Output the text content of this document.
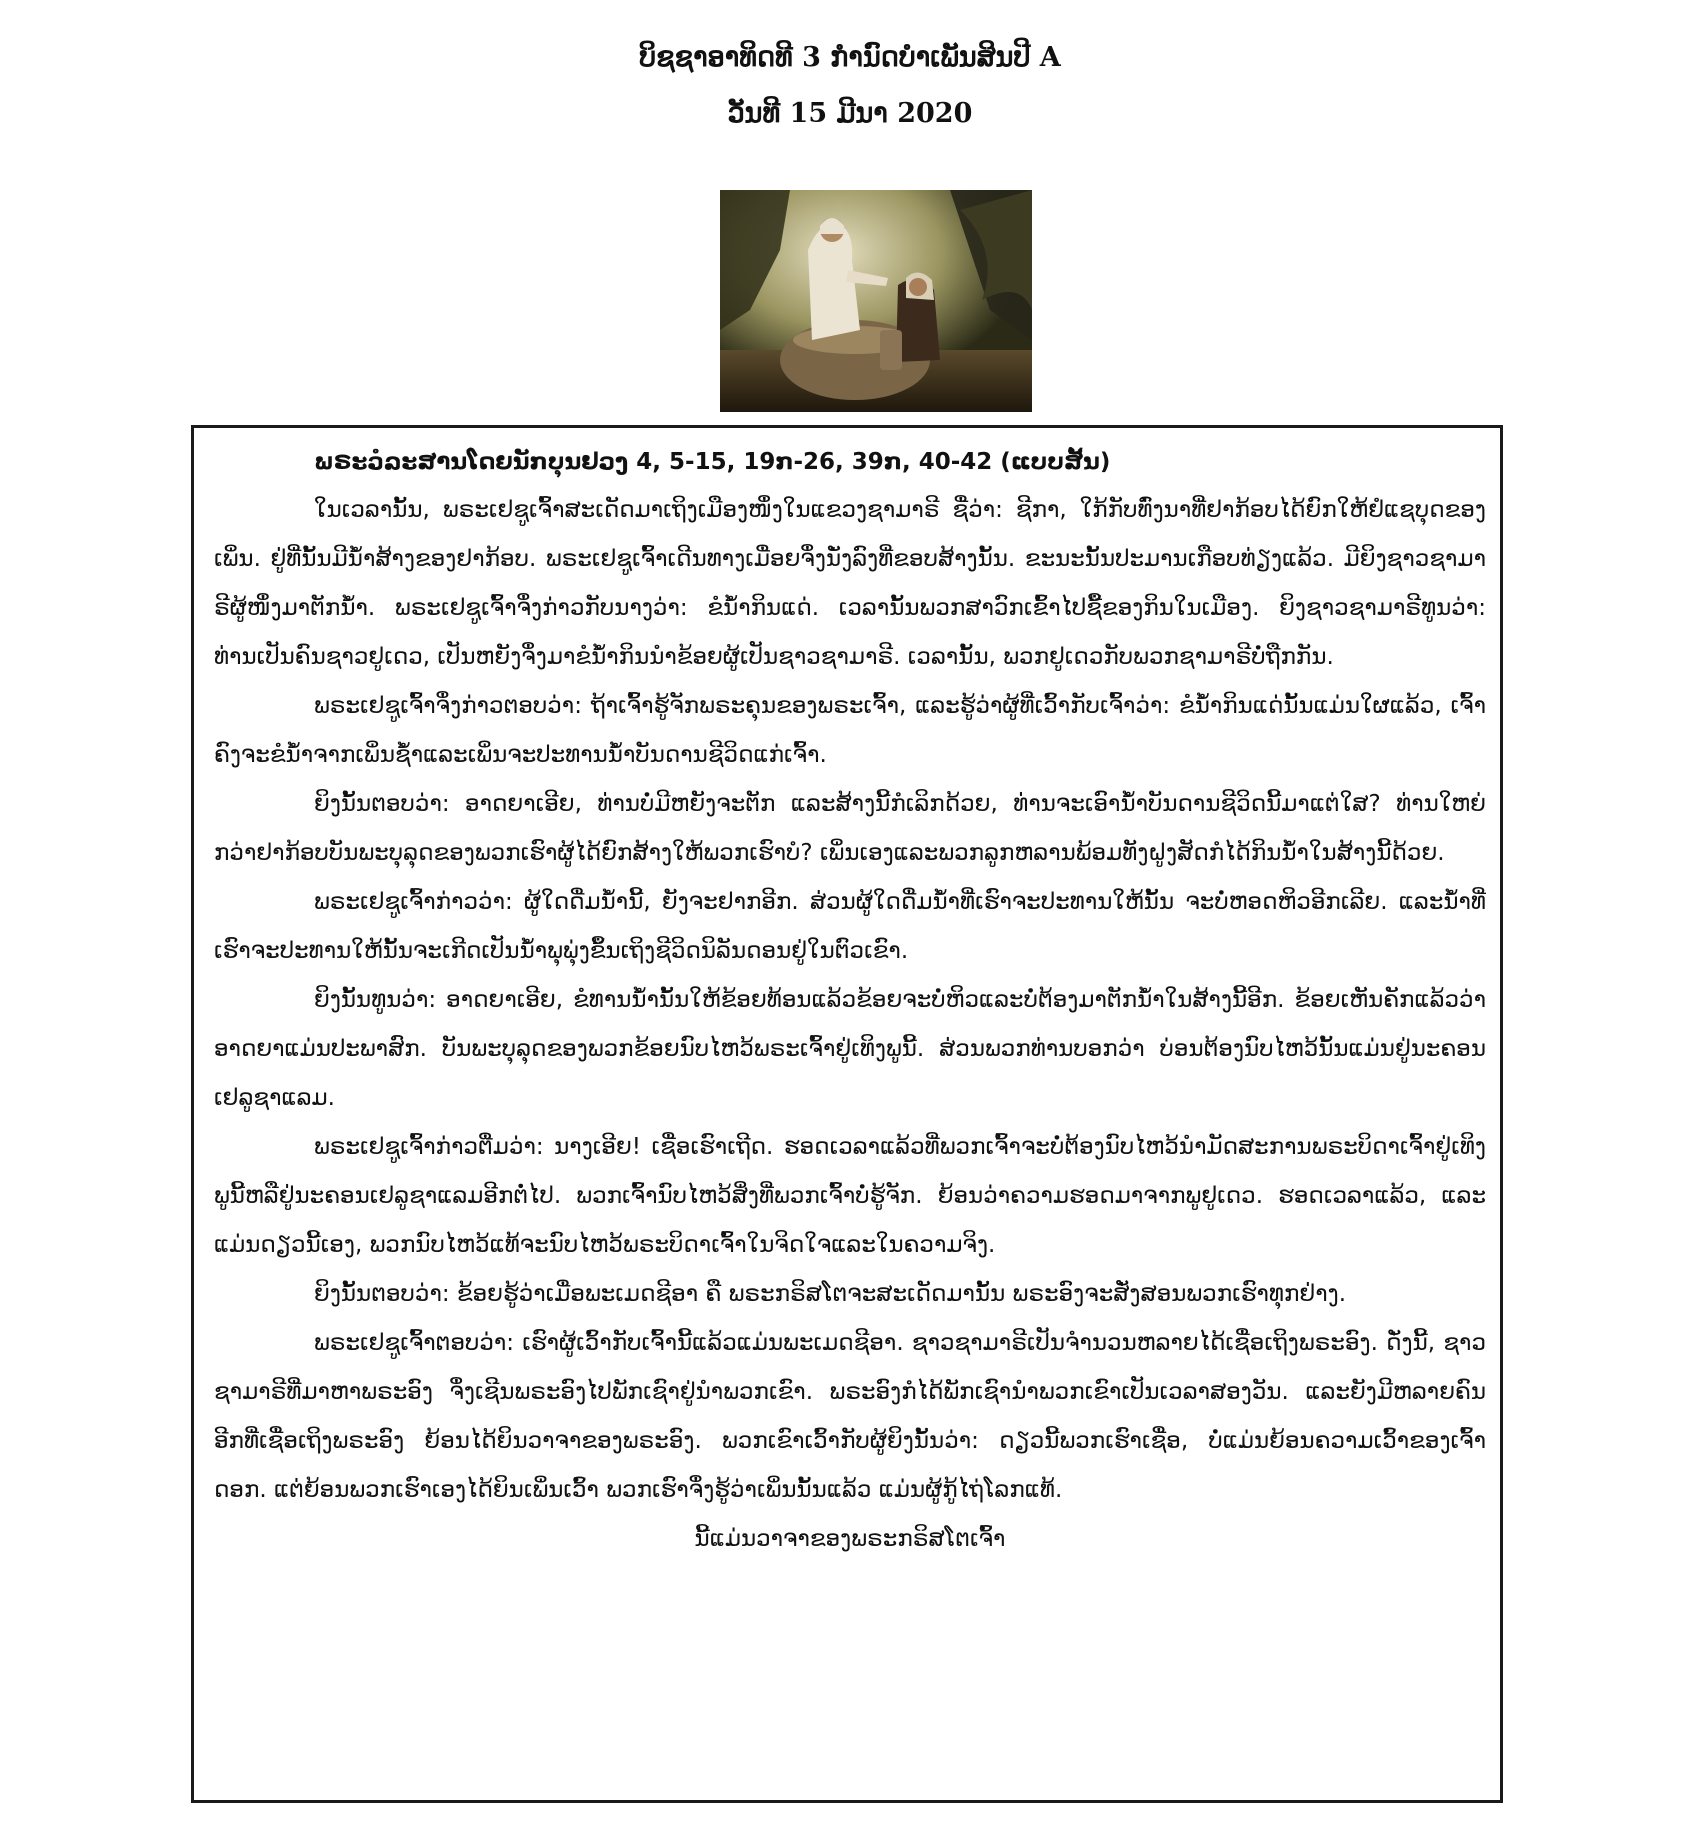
ບິຊຊາອາທິດທີ 3 ກຳນົດບຳເພັນສິນປີ A
ວັນທີ 15 ມີນາ 2020
ພຣະວໍລະສານໂດຍນັກບຸນຢວງ 4, 5-15, 19ກ-26, 39ກ, 40-42 (ແບບສັ້ນ)

ໃນເວລານັ້ນ, ພຣະເຢຊູເຈົ້າສະເດັດມາເຖິງເມືອງໜຶ່ງໃນແຂວງຊາມາຣີ ຊື່ວ່າ: ຊີກາ, ໃກ້ກັບທົ່ງນາທີ່ຢາກ້ອບໄດ້ຍົກໃຫ້ຢໍແຊບຸດຂອງເພິ່ນ. ຢູ່ທີ່ນັ້ນມີນ້ຳສ້າງຂອງຢາກ້ອບ. ພຣະເຢຊູເຈົ້າເດີນທາງເມື່ອຍຈຶ່ງນັ່ງລົງທີ່ຂອບສ້າງນັ້ນ. ຂະນະນັ້ນປະມານເກືອບທ່ຽງແລ້ວ. ມີຍິງຊາວຊາມາຣີຜູ້ໜຶ່ງມາຕັກນ້ຳ. ພຣະເຢຊູເຈົ້າຈຶ່ງກ່າວກັບນາງວ່າ: ຂໍນ້ຳກິນແດ່. ເວລານັ້ນພວກສາວົກເຂົ້າໄປຊື້ຂອງກິນໃນເມືອງ. ຍິງຊາວຊາມາຣີທູນວ່າ: ທ່ານເປັນຄົນຊາວຢູເດວ, ເປັນຫຍັງຈຶ່ງມາຂໍນ້ຳກິນນຳຂ້ອຍຜູ້ເປັນຊາວຊາມາຣີ. ເວລານັ້ນ, ພວກຢູເດວກັບພວກຊາມາຣີບໍ່ຖືກກັນ.

ພຣະເຢຊູເຈົ້າຈຶ່ງກ່າວຕອບວ່າ: ຖ້າເຈົ້າຮູ້ຈັກພຣະຄຸນຂອງພຣະເຈົ້າ, ແລະຮູ້ວ່າຜູ້ທີ່ເວົ້າກັບເຈົ້າວ່າ: ຂໍນ້ຳກິນແດ່ນັ້ນແມ່ນໃຜແລ້ວ, ເຈົ້າຄົງຈະຂໍນ້ຳຈາກເພິ່ນຊ້ຳແລະເພິ່ນຈະປະທານນ້ຳບັນດານຊີວິດແກ່ເຈົ້າ.

ຍິງນັ້ນຕອບວ່າ: ອາດຍາເອີຍ, ທ່ານບໍ່ມີຫຍັງຈະຕັກ ແລະສ້າງນີ້ກໍເລິກດ້ວຍ, ທ່ານຈະເອົານ້ຳບັນດານຊີວິດນີ້ມາແຕ່ໃສ? ທ່ານໃຫຍ່ກວ່າຢາກ້ອບບັນພະບຸລຸດຂອງພວກເຮົາຜູ້ໄດ້ຍົກສ້າງໃຫ້ພວກເຮົາບໍ? ເພິ່ນເອງແລະພວກລູກຫລານພ້ອມທັງຝູງສັດກໍໄດ້ກິນນ້ຳໃນສ້າງນີ້ດ້ວຍ.

ພຣະເຢຊູເຈົ້າກ່າວວ່າ: ຜູ້ໃດດື່ມນ້ຳນີ້, ຍັງຈະຢາກອີກ. ສ່ວນຜູ້ໃດດື່ມນ້ຳທີ່ເຮົາຈະປະທານໃຫ້ນັ້ນ ຈະບໍ່ຫອດຫິວອີກເລີຍ. ແລະນ້ຳທີ່ເຮົາຈະປະທານໃຫ້ນັ້ນຈະເກີດເປັນນ້ຳພຸພຸ່ງຂຶ້ນເຖິງຊີວິດນິລັນດອນຢູ່ໃນຕົວເຂົາ.

ຍິງນັ້ນທູນວ່າ: ອາດຍາເອີຍ, ຂໍທານນ້ຳນັ້ນໃຫ້ຂ້ອຍທ້ອນແລ້ວຂ້ອຍຈະບໍ່ຫິວແລະບໍ່ຕ້ອງມາຕັກນ້ຳໃນສ້າງນີ້ອີກ. ຂ້ອຍເຫັນຄັກແລ້ວວ່າອາດຍາແມ່ນປະພາສົກ. ບັນພະບຸລຸດຂອງພວກຂ້ອຍນົບໄຫວ້ພຣະເຈົ້າຢູ່ເທິງພູນີ້. ສ່ວນພວກທ່ານບອກວ່າ ບ່ອນຕ້ອງນົບໄຫວ້ນັ້ນແມ່ນຢູ່ນະຄອນເຢລູຊາແລມ.

ພຣະເຢຊູເຈົ້າກ່າວຕື່ມວ່າ: ນາງເອີຍ! ເຊື່ອເຮົາເຖີດ. ຮອດເວລາແລ້ວທີ່ພວກເຈົ້າຈະບໍ່ຕ້ອງນົບໄຫວ້ນຳມັດສະການພຣະບິດາເຈົ້າຢູ່ເທິງພູນີ້ຫລືຢູ່ນະຄອນເຢລູຊາແລມອີກຕໍ່ໄປ. ພວກເຈົ້ານົບໄຫວ້ສິ່ງທີ່ພວກເຈົ້າບໍ່ຮູ້ຈັກ. ຍ້ອນວ່າຄວາມຮອດມາຈາກພູຢູເດວ. ຮອດເວລາແລ້ວ, ແລະແມ່ນດຽວນີ້ເອງ, ພວກນົບໄຫວ້ແທ້ຈະນົບໄຫວ້ພຣະບິດາເຈົ້າໃນຈິດໃຈແລະໃນຄວາມຈິງ.

ຍິງນັ້ນຕອບວ່າ: ຂ້ອຍຮູ້ວ່າເມື່ອພະເມດຊີອາ ຄື ພຣະກຣິສໂຕຈະສະເດັດມານັ້ນ ພຣະອົງຈະສັ່ງສອນພວກເຮົາທຸກຢ່າງ.

ພຣະເຢຊູເຈົ້າຕອບວ່າ: ເຮົາຜູ້ເວົ້າກັບເຈົ້ານີ້ແລ້ວແມ່ນພະເມດຊີອາ. ຊາວຊາມາຣີເປັນຈຳນວນຫລາຍໄດ້ເຊື່ອເຖິງພຣະອົງ. ດັ່ງນີ້, ຊາວຊາມາຣີທີ່ມາຫາພຣະອົງ ຈຶ່ງເຊີນພຣະອົງໄປພັກເຊົາຢູ່ນຳພວກເຂົາ. ພຣະອົງກໍໄດ້ພັກເຊົານຳພວກເຂົາເປັນເວລາສອງວັນ. ແລະຍັງມີຫລາຍຄົນອີກທີ່ເຊື່ອເຖິງພຣະອົງ ຍ້ອນໄດ້ຍິນວາຈາຂອງພຣະອົງ. ພວກເຂົາເວົ້າກັບຜູ້ຍິງນັ້ນວ່າ: ດຽວນີ້ພວກເຮົາເຊື່ອ, ບໍ່ແມ່ນຍ້ອນຄວາມເວົ້າຂອງເຈົ້າດອກ. ແຕ່ຍ້ອນພວກເຮົາເອງໄດ້ຍິນເພິ່ນເວົ້າ ພວກເຮົາຈຶ່ງຮູ້ວ່າເພິ່ນນັ້ນແລ້ວ ແມ່ນຜູ້ກູ້ໄຖ່ໂລກແທ້.

ນີ້ແມ່ນວາຈາຂອງພຣະກຣິສໂຕເຈົ້າ
